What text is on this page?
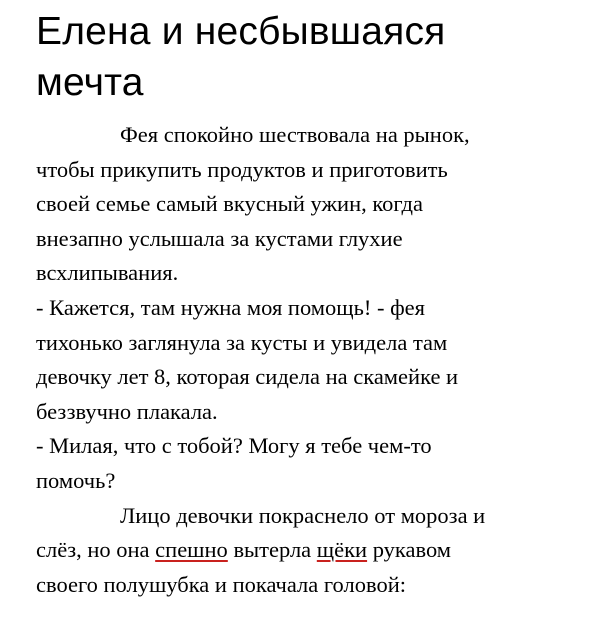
Елена и несбывшаяся
мечта
Фея спокойно шествовала на рынок,
чтобы прикупить продуктов и приготовить
своей семье самый вкусный ужин, когда
внезапно услышала за кустами глухие
всхлипывания.
- Кажется, там нужна моя помощь! - фея
тихонько заглянула за кусты и увидела там
девочку лет 8, которая сидела на скамейке и
беззвучно плакала.
- Милая, что с тобой? Могу я тебе чем-то
помочь?
Лицо девочки покраснело от мороза и
слёз, но она спешно вытерла щёки рукавом
своего полушубка и покачала головой:
